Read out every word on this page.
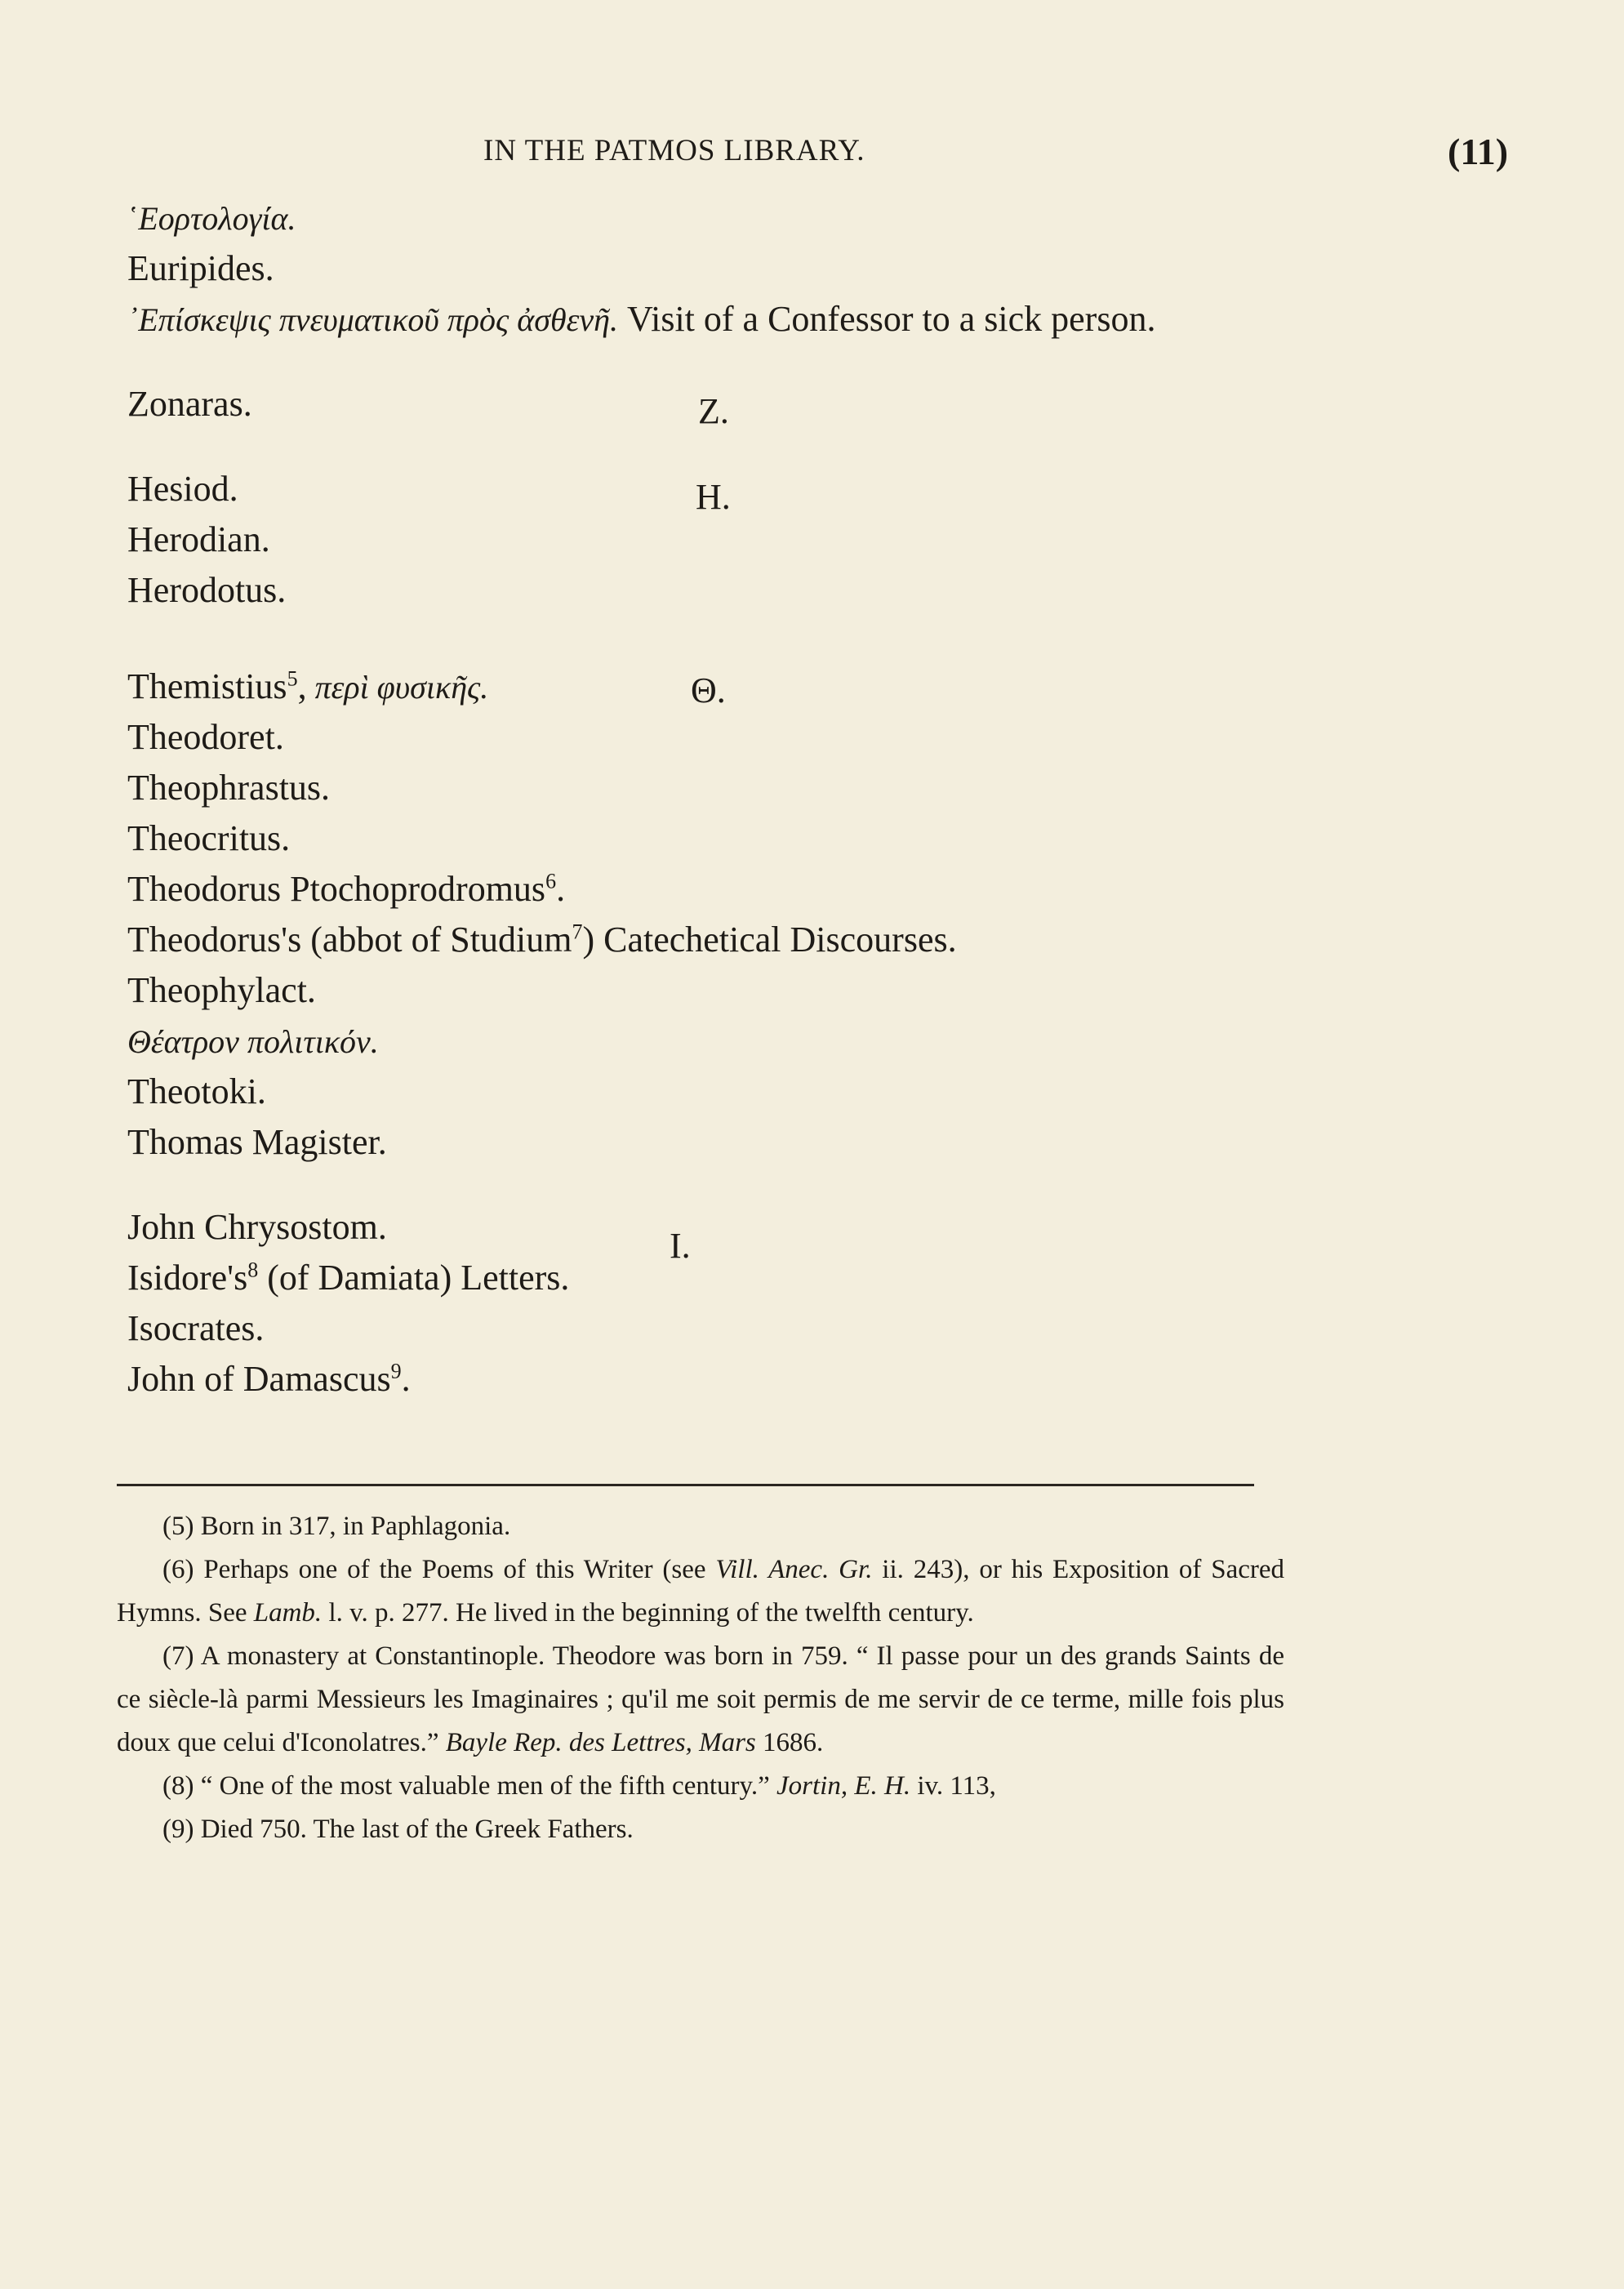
IN THE PATMOS LIBRARY.	(11)
Z.
H.
Θ.
I.
῾Εορτολογία.
Euripides.
᾿Επίσκεψις πνευματικοῦ πρὸς ἀσθενῆ. Visit of a Confessor to a sick person.
Zonaras.
Hesiod.
Herodian.
Herodotus.
Themistius$^5$, περὶ φυσικῆς.
Theodoret.
Theophrastus.
Theocritus.
Theodorus Ptochoprodromus$^6$.
Theodorus's (abbot of Studium$^7$) Catechetical Discourses.
Theophylact.
Θέατρον πολιτικόν.
Theotoki.
Thomas Magister.
John Chrysostom.
Isidore's$^8$ (of Damiata) Letters.
Isocrates.
John of Damascus$^9$.
(5) Born in 317, in Paphlagonia.
(6) Perhaps one of the Poems of this Writer (see Vill. Anec. Gr. ii. 243), or his Exposition of Sacred Hymns. See Lamb. l. v. p. 277. He lived in the beginning of the twelfth century.
(7) A monastery at Constantinople. Theodore was born in 759. “ Il passe pour un des grands Saints de ce siècle-là parmi Messieurs les Imaginaires ; qu'il me soit permis de me servir de ce terme, mille fois plus doux que celui d'Iconolatres.” Bayle Rep. des Lettres, Mars 1686.
(8) “ One of the most valuable men of the fifth century.” Jortin, E. H. iv. 113,
(9) Died 750. The last of the Greek Fathers.
